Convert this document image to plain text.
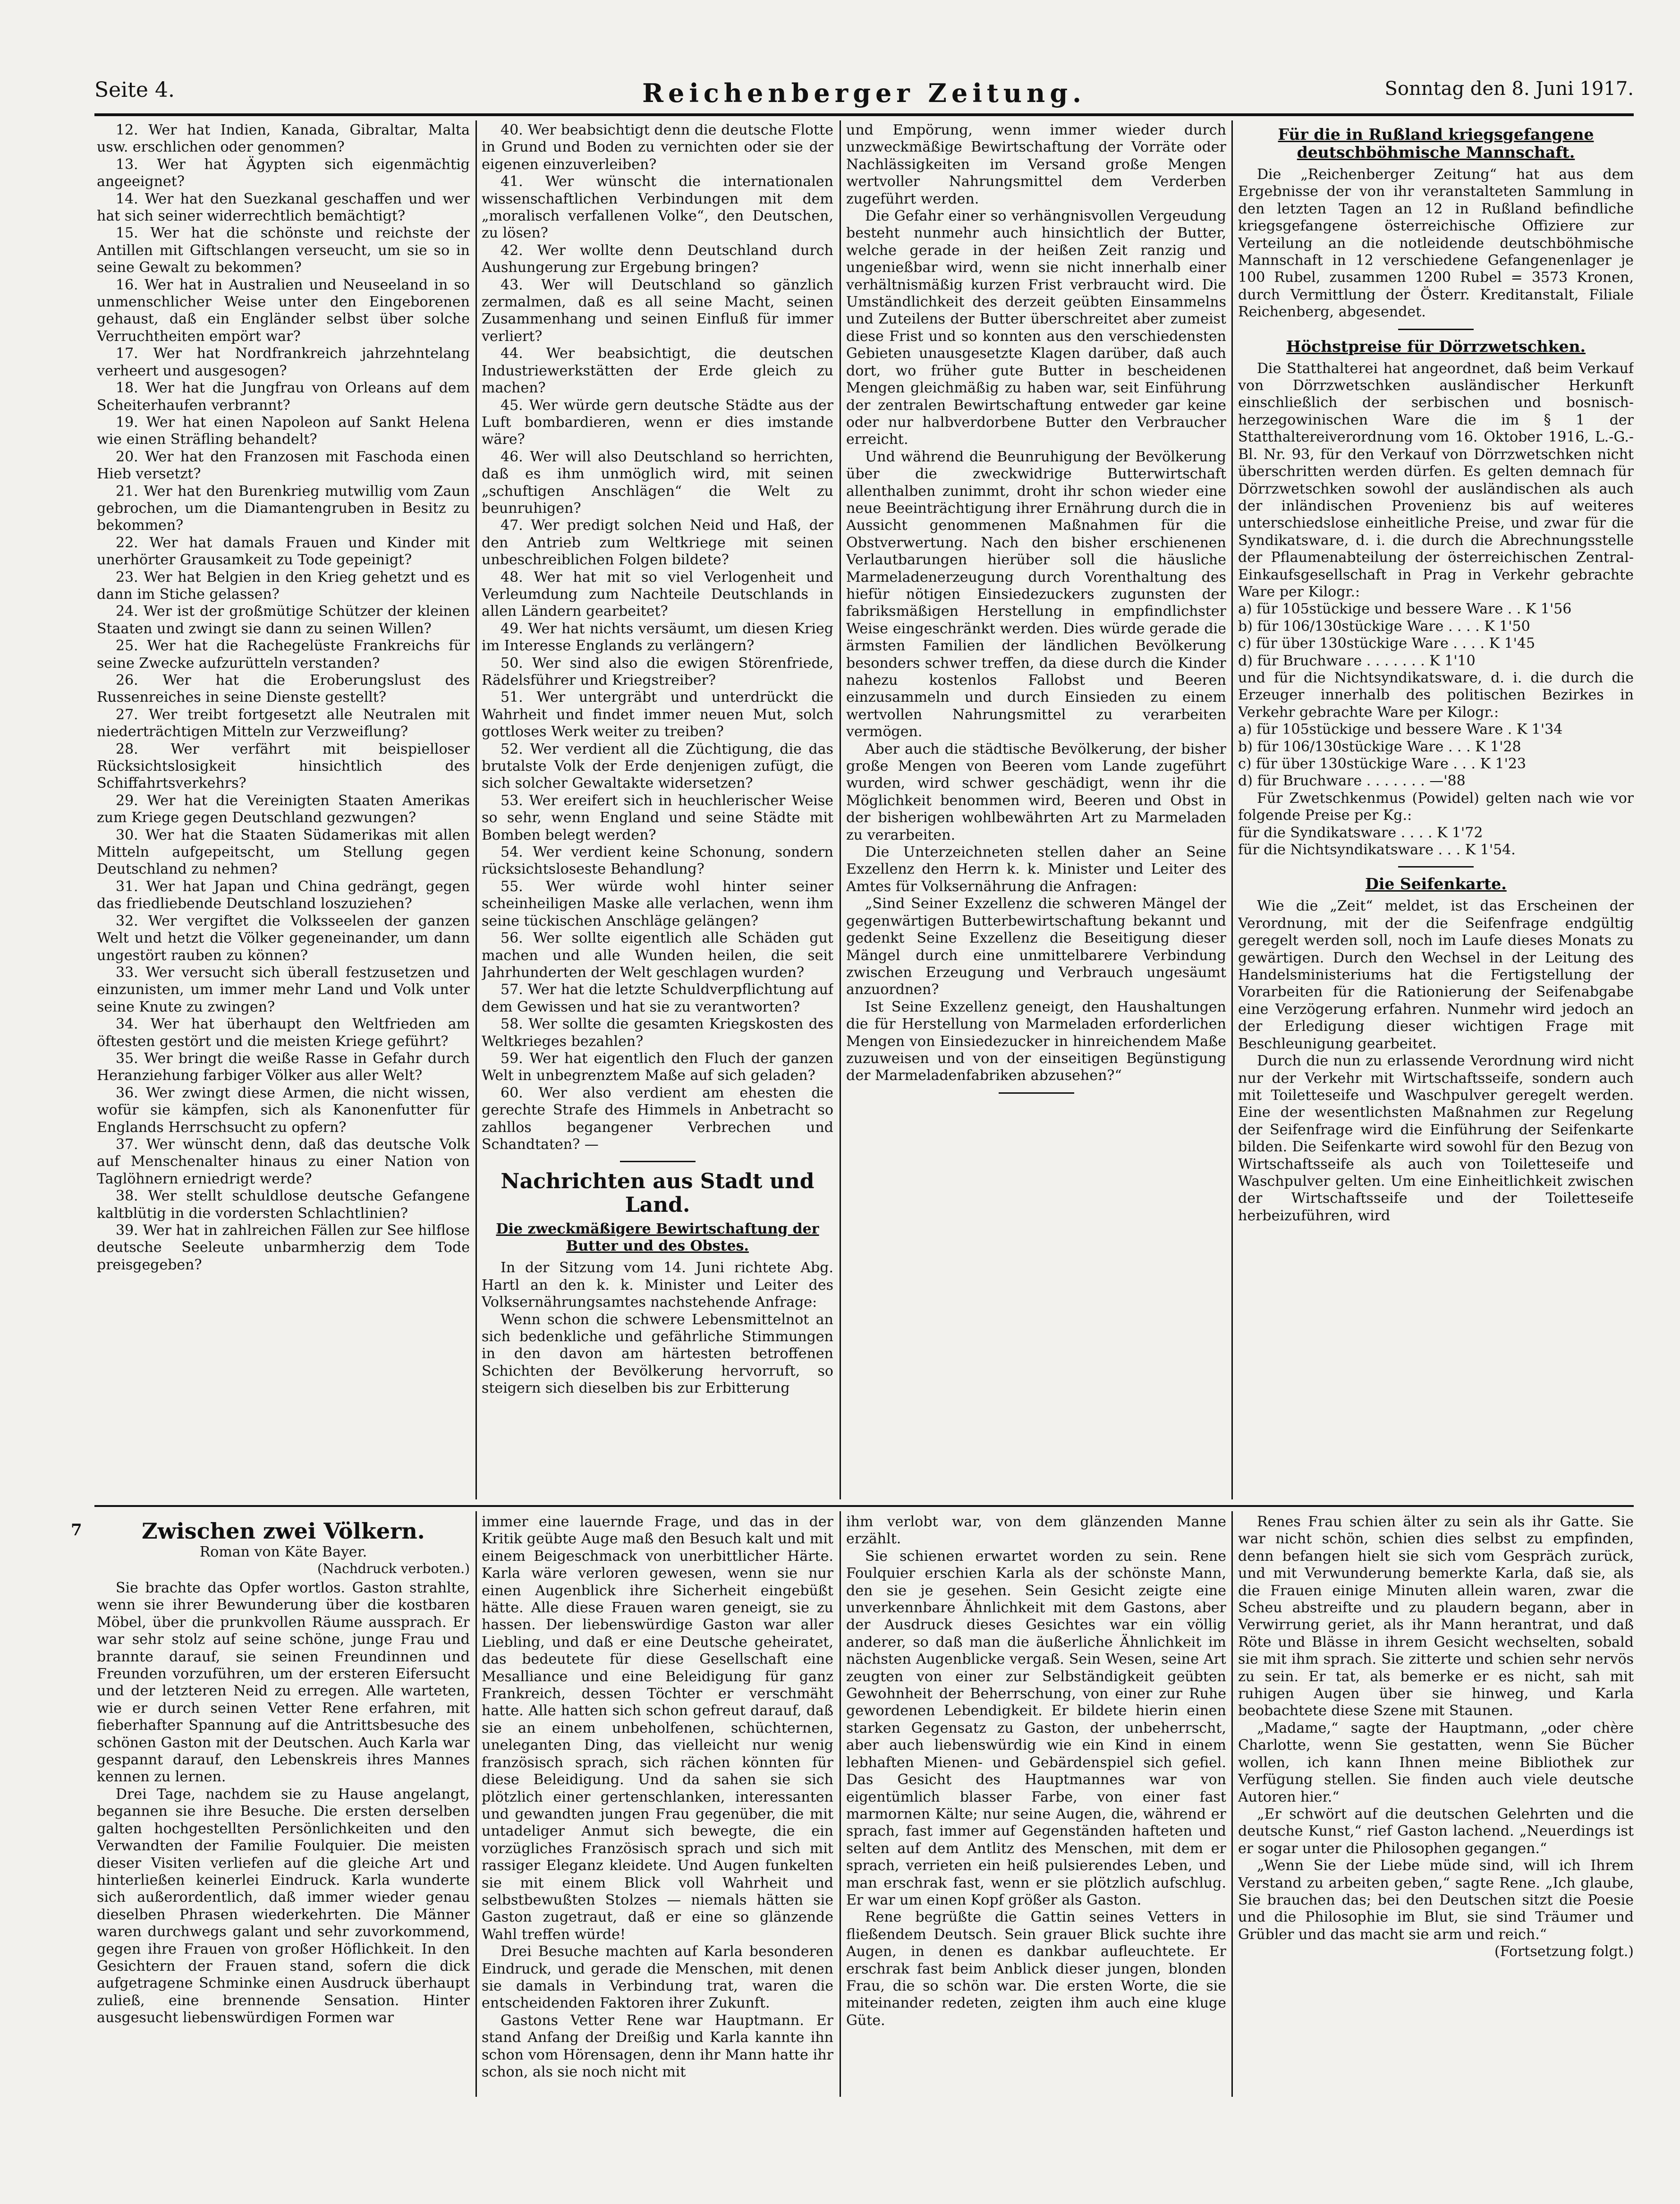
Seite 4.	Reichenberger Zeitung.	Sonntag den 8. Juni 1917.

12. Wer hat Indien, Kanada, Gibraltar, Malta usw. erschlichen oder genommen?

13. Wer hat Ägypten sich eigenmächtig angeeignet?

14. Wer hat den Suezkanal geschaffen und wer hat sich seiner widerrechtlich bemächtigt?

15. Wer hat die schönste und reichste der Antillen mit Giftschlangen verseucht, um sie so in seine Gewalt zu bekommen?

16. Wer hat in Australien und Neuseeland in so unmenschlicher Weise unter den Eingeborenen gehaust, daß ein Engländer selbst über solche Verruchtheiten empört war?

17. Wer hat Nordfrankreich jahrzehntelang verheert und ausgesogen?

18. Wer hat die Jungfrau von Orleans auf dem Scheiterhaufen verbrannt?

19. Wer hat einen Napoleon auf Sankt Helena wie einen Sträfling behandelt?

20. Wer hat den Franzosen mit Faschoda einen Hieb versetzt?

21. Wer hat den Burenkrieg mutwillig vom Zaun gebrochen, um die Diamantengruben in Besitz zu bekommen?

22. Wer hat damals Frauen und Kinder mit unerhörter Grausamkeit zu Tode gepeinigt?

23. Wer hat Belgien in den Krieg gehetzt und es dann im Stiche gelassen?

24. Wer ist der großmütige Schützer der kleinen Staaten und zwingt sie dann zu seinen Willen?

25. Wer hat die Rachegelüste Frankreichs für seine Zwecke aufzurütteln verstanden?

26. Wer hat die Eroberungslust des Russenreiches in seine Dienste gestellt?

27. Wer treibt fortgesetzt alle Neutralen mit niederträchtigen Mitteln zur Verzweiflung?

28. Wer verfährt mit beispielloser Rücksichtslosigkeit hinsichtlich des Schiffahrtsverkehrs?

29. Wer hat die Vereinigten Staaten Amerikas zum Kriege gegen Deutschland gezwungen?

30. Wer hat die Staaten Südamerikas mit allen Mitteln aufgepeitscht, um Stellung gegen Deutschland zu nehmen?

31. Wer hat Japan und China gedrängt, gegen das friedliebende Deutschland loszuziehen?

32. Wer vergiftet die Volksseelen der ganzen Welt und hetzt die Völker gegeneinander, um dann ungestört rauben zu können?

33. Wer versucht sich überall festzusetzen und einzunisten, um immer mehr Land und Volk unter seine Knute zu zwingen?

34. Wer hat überhaupt den Weltfrieden am öftesten gestört und die meisten Kriege geführt?

35. Wer bringt die weiße Rasse in Gefahr durch Heranziehung farbiger Völker aus aller Welt?

36. Wer zwingt diese Armen, die nicht wissen, wofür sie kämpfen, sich als Kanonenfutter für Englands Herrschsucht zu opfern?

37. Wer wünscht denn, daß das deutsche Volk auf Menschenalter hinaus zu einer Nation von Taglöhnern erniedrigt werde?

38. Wer stellt schuldlose deutsche Gefangene kaltblütig in die vordersten Schlachtlinien?

39. Wer hat in zahlreichen Fällen zur See hilflose deutsche Seeleute unbarmherzig dem Tode preisgegeben?

40. Wer beabsichtigt denn die deutsche Flotte in Grund und Boden zu vernichten oder sie der eigenen einzuverleiben?

41. Wer wünscht die internationalen wissenschaftlichen Verbindungen mit dem „moralisch verfallenen Volke“, den Deutschen, zu lösen?

42. Wer wollte denn Deutschland durch Aushungerung zur Ergebung bringen?

43. Wer will Deutschland so gänzlich zermalmen, daß es all seine Macht, seinen Zusammenhang und seinen Einfluß für immer verliert?

44. Wer beabsichtigt, die deutschen Industriewerkstätten der Erde gleich zu machen?

45. Wer würde gern deutsche Städte aus der Luft bombardieren, wenn er dies imstande wäre?

46. Wer will also Deutschland so herrichten, daß es ihm unmöglich wird, mit seinen „schuftigen Anschlägen“ die Welt zu beunruhigen?

47. Wer predigt solchen Neid und Haß, der den Antrieb zum Weltkriege mit seinen unbeschreiblichen Folgen bildete?

48. Wer hat mit so viel Verlogenheit und Verleumdung zum Nachteile Deutschlands in allen Ländern gearbeitet?

49. Wer hat nichts versäumt, um diesen Krieg im Interesse Englands zu verlängern?

50. Wer sind also die ewigen Störenfriede, Rädelsführer und Kriegstreiber?

51. Wer untergräbt und unterdrückt die Wahrheit und findet immer neuen Mut, solch gottloses Werk weiter zu treiben?

52. Wer verdient all die Züchtigung, die das brutalste Volk der Erde denjenigen zufügt, die sich solcher Gewaltakte widersetzen?

53. Wer ereifert sich in heuchlerischer Weise so sehr, wenn England und seine Städte mit Bomben belegt werden?

54. Wer verdient keine Schonung, sondern rücksichtsloseste Behandlung?

55. Wer würde wohl hinter seiner scheinheiligen Maske alle verlachen, wenn ihm seine tückischen Anschläge gelängen?

56. Wer sollte eigentlich alle Schäden gut machen und alle Wunden heilen, die seit Jahrhunderten der Welt geschlagen wurden?

57. Wer hat die letzte Schuldverpflichtung auf dem Gewissen und hat sie zu verantworten?

58. Wer sollte die gesamten Kriegskosten des Weltkrieges bezahlen?

59. Wer hat eigentlich den Fluch der ganzen Welt in unbegrenztem Maße auf sich geladen?

60. Wer also verdient am ehesten die gerechte Strafe des Himmels in Anbetracht so zahllos begangener Verbrechen und Schandtaten? —

Nachrichten aus Stadt und Land.
Die zweckmäßigere Bewirtschaftung der Butter und des Obstes.

In der Sitzung vom 14. Juni richtete Abg. Hartl an den k. k. Minister und Leiter des Volksernährungsamtes nachstehende Anfrage:

Wenn schon die schwere Lebensmittelnot an sich bedenkliche und gefährliche Stimmungen in den davon am härtesten betroffenen Schichten der Bevölkerung hervorruft, so steigern sich dieselben bis zur Erbitterung

und Empörung, wenn immer wieder durch unzweckmäßige Bewirtschaftung der Vorräte oder Nachlässigkeiten im Versand große Mengen wertvoller Nahrungsmittel dem Verderben zugeführt werden.

Die Gefahr einer so verhängnisvollen Vergeudung besteht nunmehr auch hinsichtlich der Butter, welche gerade in der heißen Zeit ranzig und ungenießbar wird, wenn sie nicht innerhalb einer verhältnismäßig kurzen Frist verbraucht wird. Die Umständlichkeit des derzeit geübten Einsammelns und Zuteilens der Butter überschreitet aber zumeist diese Frist und so konnten aus den verschiedensten Gebieten unausgesetzte Klagen darüber, daß auch dort, wo früher gute Butter in bescheidenen Mengen gleichmäßig zu haben war, seit Einführung der zentralen Bewirtschaftung entweder gar keine oder nur halbverdorbene Butter den Verbraucher erreicht.

Und während die Beunruhigung der Bevölkerung über die zweckwidrige Butterwirtschaft allenthalben zunimmt, droht ihr schon wieder eine neue Beeinträchtigung ihrer Ernährung durch die in Aussicht genommenen Maßnahmen für die Obstverwertung. Nach den bisher erschienenen Verlautbarungen hierüber soll die häusliche Marmeladenerzeugung durch Vorenthaltung des hiefür nötigen Einsiedezuckers zugunsten der fabriksmäßigen Herstellung in empfindlichster Weise eingeschränkt werden. Dies würde gerade die ärmsten Familien der ländlichen Bevölkerung besonders schwer treffen, da diese durch die Kinder nahezu kostenlos Fallobst und Beeren einzusammeln und durch Einsieden zu einem wertvollen Nahrungsmittel zu verarbeiten vermögen.

Aber auch die städtische Bevölkerung, der bisher große Mengen von Beeren vom Lande zugeführt wurden, wird schwer geschädigt, wenn ihr die Möglichkeit benommen wird, Beeren und Obst in der bisherigen wohlbewährten Art zu Marmeladen zu verarbeiten.

Die Unterzeichneten stellen daher an Seine Exzellenz den Herrn k. k. Minister und Leiter des Amtes für Volksernährung die Anfragen:

„Sind Seiner Exzellenz die schweren Mängel der gegenwärtigen Butterbewirtschaftung bekannt und gedenkt Seine Exzellenz die Beseitigung dieser Mängel durch eine unmittelbarere Verbindung zwischen Erzeugung und Verbrauch ungesäumt anzuordnen?

Ist Seine Exzellenz geneigt, den Haushaltungen die für Herstellung von Marmeladen erforderlichen Mengen von Einsiedezucker in hinreichendem Maße zuzuweisen und von der einseitigen Begünstigung der Marmeladenfabriken abzusehen?“

Für die in Rußland kriegsgefangene deutschböhmische Mannschaft.

Die „Reichenberger Zeitung“ hat aus dem Ergebnisse der von ihr veranstalteten Sammlung in den letzten Tagen an 12 in Rußland befindliche kriegsgefangene österreichische Offiziere zur Verteilung an die notleidende deutschböhmische Mannschaft in 12 verschiedene Gefangenenlager je 100 Rubel, zusammen 1200 Rubel = 3573 Kronen, durch Vermittlung der Österr. Kreditanstalt, Filiale Reichenberg, abgesendet.

Höchstpreise für Dörrzwetschken.

Die Statthalterei hat angeordnet, daß beim Verkauf von Dörrzwetschken ausländischer Herkunft einschließlich der serbischen und bosnisch-herzegowinischen Ware die im § 1 der Statthaltereiverordnung vom 16. Oktober 1916, L.-G.-Bl. Nr. 93, für den Verkauf von Dörrzwetschken nicht überschritten werden dürfen. Es gelten demnach für Dörrzwetschken sowohl der ausländischen als auch der inländischen Provenienz bis auf weiteres unterschiedslose einheitliche Preise, und zwar für die Syndikatsware, d. i. die durch die Abrechnungsstelle der Pflaumenabteilung der österreichischen Zentral-Einkaufsgesellschaft in Prag in Verkehr gebrachte Ware per Kilogr.:

a) für 105stückige und bessere Ware . . K 1'56

b) für 106/130stückige Ware . . . . K 1'50

c) für über 130stückige Ware . . . . K 1'45

d) für Bruchware . . . . . . . K 1'10

und für die Nichtsyndikatsware, d. i. die durch die Erzeuger innerhalb des politischen Bezirkes in Verkehr gebrachte Ware per Kilogr.:

a) für 105stückige und bessere Ware . K 1'34

b) für 106/130stückige Ware . . . K 1'28

c) für über 130stückige Ware . . . K 1'23

d) für Bruchware . . . . . . . —'88

Für Zwetschkenmus (Powidel) gelten nach wie vor folgende Preise per Kg.:

für die Syndikatsware . . . . K 1'72

für die Nichtsyndikatsware . . . K 1'54.

Die Seifenkarte.

Wie die „Zeit“ meldet, ist das Erscheinen der Verordnung, mit der die Seifenfrage endgültig geregelt werden soll, noch im Laufe dieses Monats zu gewärtigen. Durch den Wechsel in der Leitung des Handelsministeriums hat die Fertigstellung der Vorarbeiten für die Rationierung der Seifenabgabe eine Verzögerung erfahren. Nunmehr wird jedoch an der Erledigung dieser wichtigen Frage mit Beschleunigung gearbeitet.

Durch die nun zu erlassende Verordnung wird nicht nur der Verkehr mit Wirtschaftsseife, sondern auch mit Toiletteseife und Waschpulver geregelt werden. Eine der wesentlichsten Maßnahmen zur Regelung der Seifenfrage wird die Einführung der Seifenkarte bilden. Die Seifenkarte wird sowohl für den Bezug von Wirtschaftsseife als auch von Toiletteseife und Waschpulver gelten. Um eine Einheitlichkeit zwischen der Wirtschaftsseife und der Toiletteseife herbeizuführen, wird

7	Zwischen zwei Völkern.
Roman von Käte Bayer.
(Nachdruck verboten.)

Sie brachte das Opfer wortlos. Gaston strahlte, wenn sie ihrer Bewunderung über die kostbaren Möbel, über die prunkvollen Räume aussprach. Er war sehr stolz auf seine schöne, junge Frau und brannte darauf, sie seinen Freundinnen und Freunden vorzuführen, um der ersteren Eifersucht und der letzteren Neid zu erregen. Alle warteten, wie er durch seinen Vetter Rene erfahren, mit fieberhafter Spannung auf die Antrittsbesuche des schönen Gaston mit der Deutschen. Auch Karla war gespannt darauf, den Lebenskreis ihres Mannes kennen zu lernen.

Drei Tage, nachdem sie zu Hause angelangt, begannen sie ihre Besuche. Die ersten derselben galten hochgestellten Persönlichkeiten und den Verwandten der Familie Foulquier. Die meisten dieser Visiten verliefen auf die gleiche Art und hinterließen keinerlei Eindruck. Karla wunderte sich außerordentlich, daß immer wieder genau dieselben Phrasen wiederkehrten. Die Männer waren durchwegs galant und sehr zuvorkommend, gegen ihre Frauen von großer Höflichkeit. In den Gesichtern der Frauen stand, sofern die dick aufgetragene Schminke einen Ausdruck überhaupt zuließ, eine brennende Sensation. Hinter ausgesucht liebenswürdigen Formen war

immer eine lauernde Frage, und das in der Kritik geübte Auge maß den Besuch kalt und mit einem Beigeschmack von unerbittlicher Härte. Karla wäre verloren gewesen, wenn sie nur einen Augenblick ihre Sicherheit eingebüßt hätte. Alle diese Frauen waren geneigt, sie zu hassen. Der liebenswürdige Gaston war aller Liebling, und daß er eine Deutsche geheiratet, das bedeutete für diese Gesellschaft eine Mesalliance und eine Beleidigung für ganz Frankreich, dessen Töchter er verschmäht hatte. Alle hatten sich schon gefreut darauf, daß sie an einem unbeholfenen, schüchternen, uneleganten Ding, das vielleicht nur wenig französisch sprach, sich rächen könnten für diese Beleidigung. Und da sahen sie sich plötzlich einer gertenschlanken, interessanten und gewandten jungen Frau gegenüber, die mit untadeliger Anmut sich bewegte, die ein vorzügliches Französisch sprach und sich mit rassiger Eleganz kleidete. Und Augen funkelten sie mit einem Blick voll Wahrheit und selbstbewußten Stolzes — niemals hätten sie Gaston zugetraut, daß er eine so glänzende Wahl treffen würde!

Drei Besuche machten auf Karla besonderen Eindruck, und gerade die Menschen, mit denen sie damals in Verbindung trat, waren die entscheidenden Faktoren ihrer Zukunft.

Gastons Vetter Rene war Hauptmann. Er stand Anfang der Dreißig und Karla kannte ihn schon vom Hörensagen, denn ihr Mann hatte ihr schon, als sie noch nicht mit

ihm verlobt war, von dem glänzenden Manne erzählt.

Sie schienen erwartet worden zu sein. Rene Foulquier erschien Karla als der schönste Mann, den sie je gesehen. Sein Gesicht zeigte eine unverkennbare Ähnlichkeit mit dem Gastons, aber der Ausdruck dieses Gesichtes war ein völlig anderer, so daß man die äußerliche Ähnlichkeit im nächsten Augenblicke vergaß. Sein Wesen, seine Art zeugten von einer zur Selbständigkeit geübten Gewohnheit der Beherrschung, von einer zur Ruhe gewordenen Lebendigkeit. Er bildete hierin einen starken Gegensatz zu Gaston, der unbeherrscht, aber auch liebenswürdig wie ein Kind in einem lebhaften Mienen- und Gebärdenspiel sich gefiel. Das Gesicht des Hauptmannes war von eigentümlich blasser Farbe, von einer fast marmornen Kälte; nur seine Augen, die, während er sprach, fast immer auf Gegenständen hafteten und selten auf dem Antlitz des Menschen, mit dem er sprach, verrieten ein heiß pulsierendes Leben, und man erschrak fast, wenn er sie plötzlich aufschlug. Er war um einen Kopf größer als Gaston.

Rene begrüßte die Gattin seines Vetters in fließendem Deutsch. Sein grauer Blick suchte ihre Augen, in denen es dankbar aufleuchtete. Er erschrak fast beim Anblick dieser jungen, blonden Frau, die so schön war. Die ersten Worte, die sie miteinander redeten, zeigten ihm auch eine kluge Güte.

Renes Frau schien älter zu sein als ihr Gatte. Sie war nicht schön, schien dies selbst zu empfinden, denn befangen hielt sie sich vom Gespräch zurück, und mit Verwunderung bemerkte Karla, daß sie, als die Frauen einige Minuten allein waren, zwar die Scheu abstreifte und zu plaudern begann, aber in Verwirrung geriet, als ihr Mann herantrat, und daß Röte und Blässe in ihrem Gesicht wechselten, sobald sie mit ihm sprach. Sie zitterte und schien sehr nervös zu sein. Er tat, als bemerke er es nicht, sah mit ruhigen Augen über sie hinweg, und Karla beobachtete diese Szene mit Staunen.

„Madame,“ sagte der Hauptmann, „oder chère Charlotte, wenn Sie gestatten, wenn Sie Bücher wollen, ich kann Ihnen meine Bibliothek zur Verfügung stellen. Sie finden auch viele deutsche Autoren hier.“

„Er schwört auf die deutschen Gelehrten und die deutsche Kunst,“ rief Gaston lachend. „Neuerdings ist er sogar unter die Philosophen gegangen.“

„Wenn Sie der Liebe müde sind, will ich Ihrem Verstand zu arbeiten geben,“ sagte Rene. „Ich glaube, Sie brauchen das; bei den Deutschen sitzt die Poesie und die Philosophie im Blut, sie sind Träumer und Grübler und das macht sie arm und reich.“

(Fortsetzung folgt.)
